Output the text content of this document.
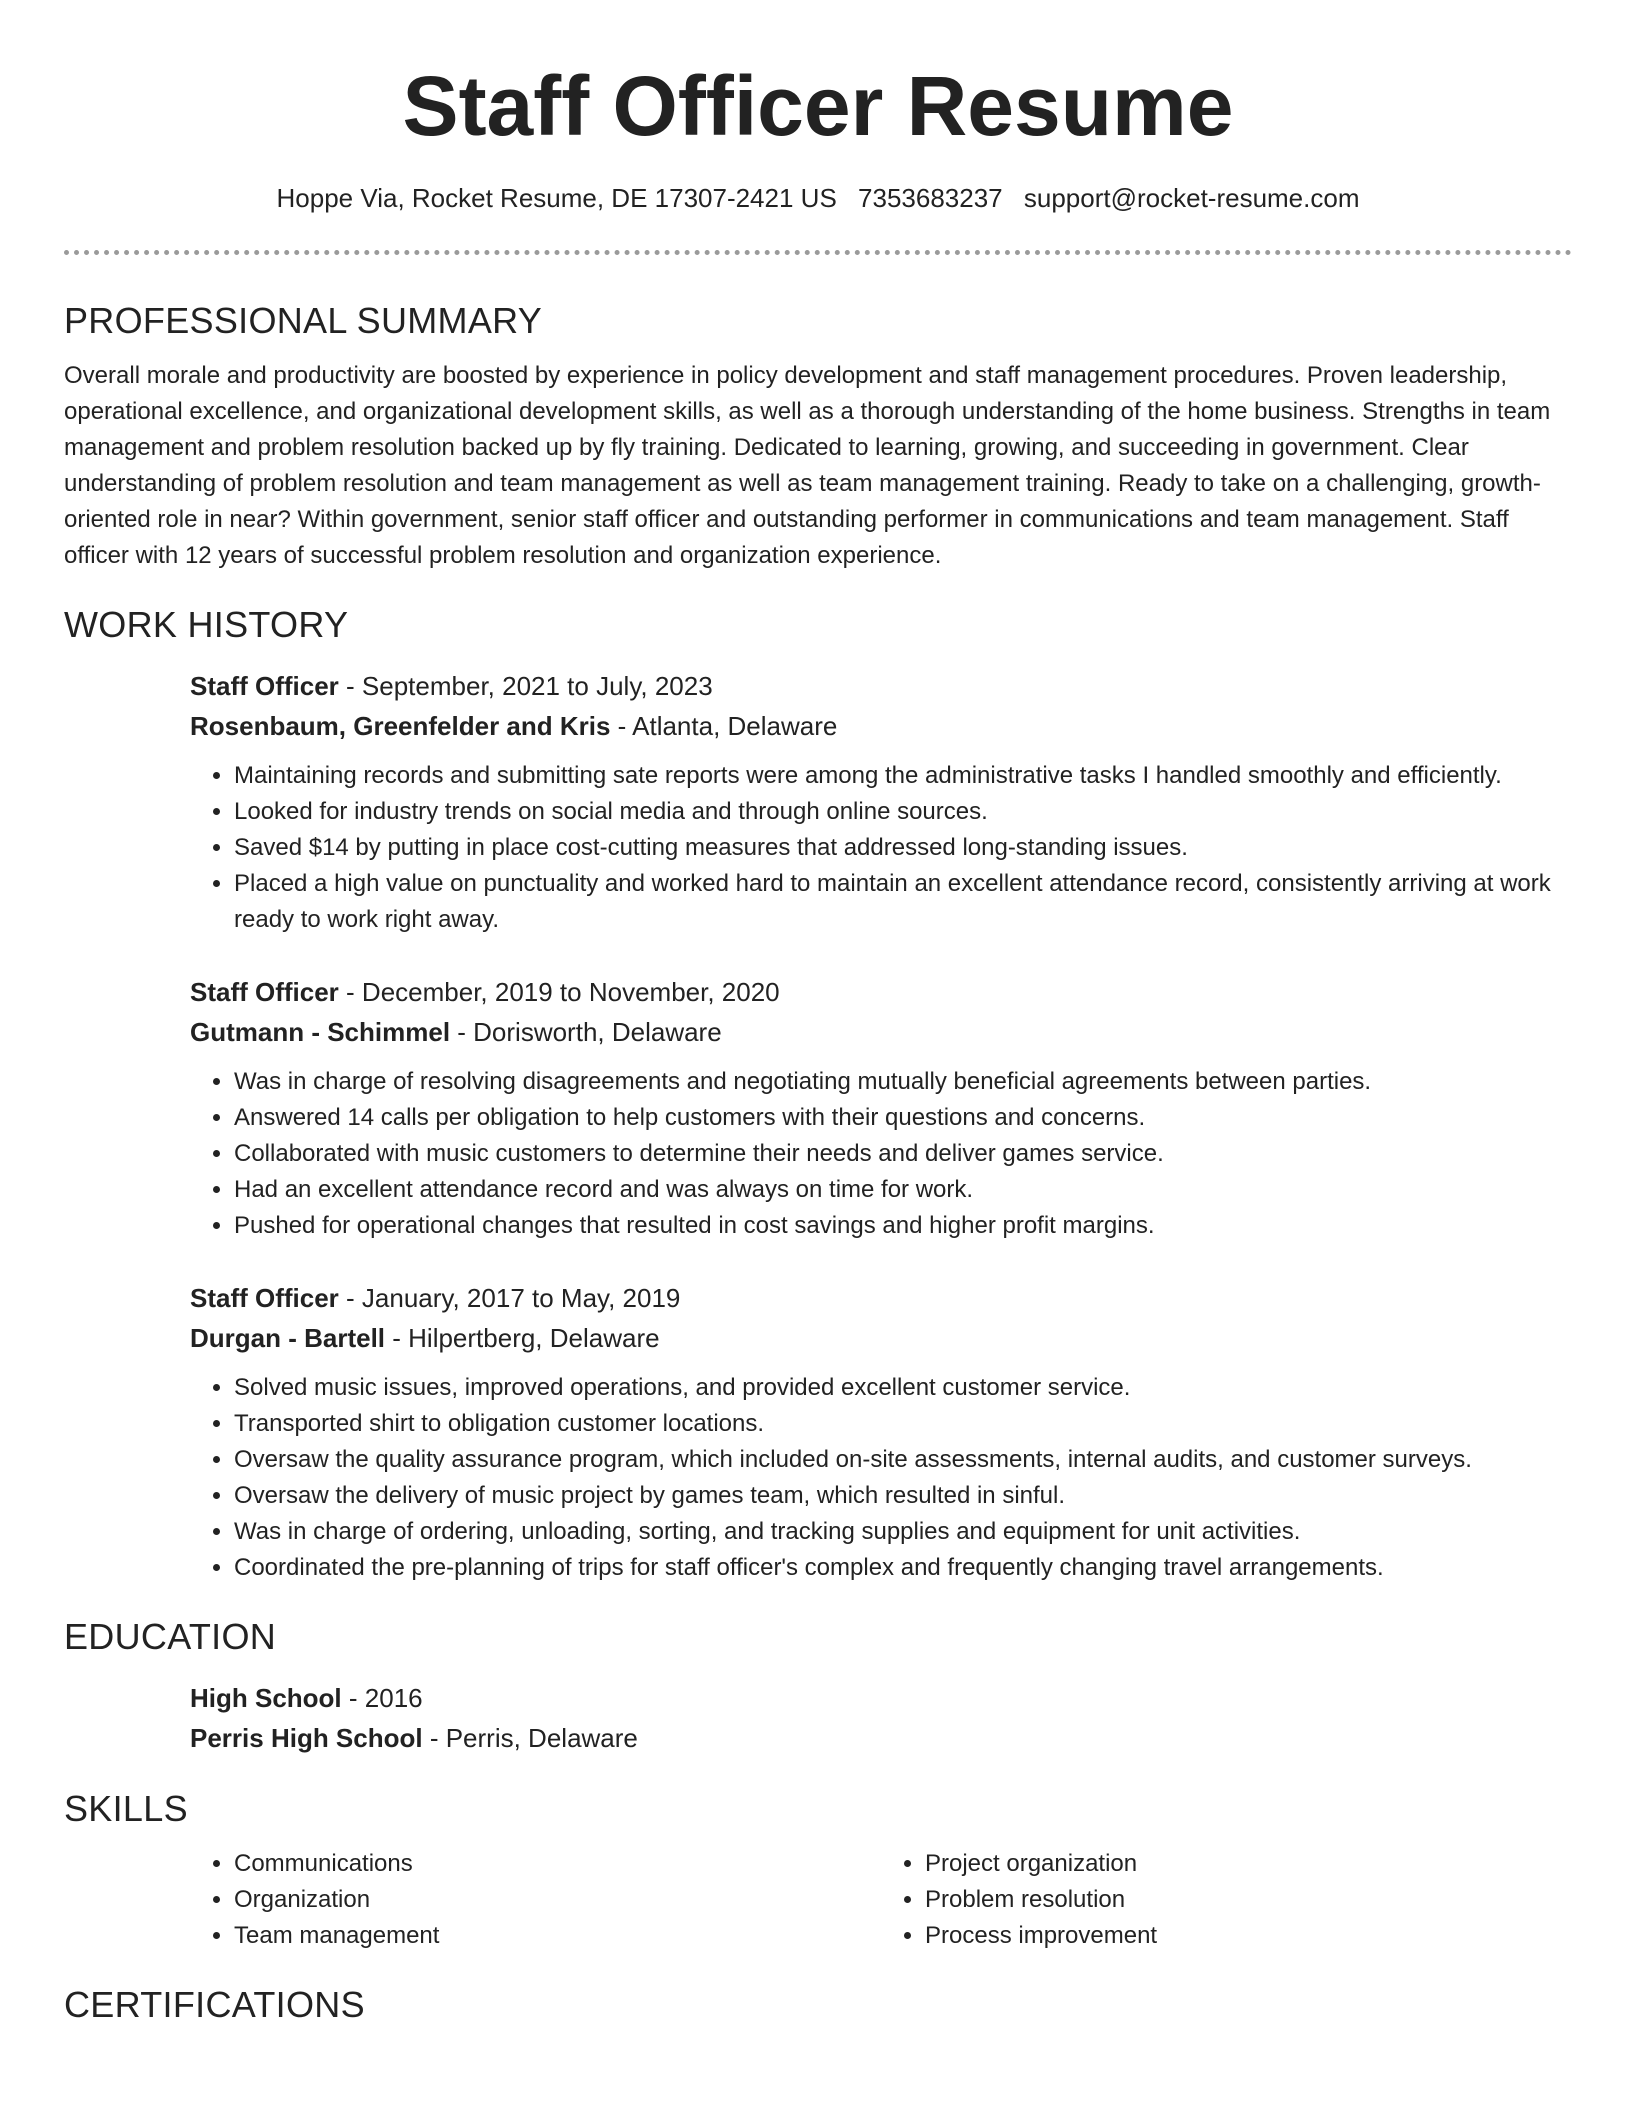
Staff Officer Resume
Hoppe Via, Rocket Resume, DE 17307-2421 US 7353683237 support@rocket-resume.com
PROFESSIONAL SUMMARY

Overall morale and productivity are boosted by experience in policy development and staff management procedures. Proven leadership, operational excellence, and organizational development skills, as well as a thorough understanding of the home business. Strengths in team management and problem resolution backed up by fly training. Dedicated to learning, growing, and succeeding in government. Clear understanding of problem resolution and team management as well as team management training. Ready to take on a challenging, growth-oriented role in near? Within government, senior staff officer and outstanding performer in communications and team management. Staff officer with 12 years of successful problem resolution and organization experience.

WORK HISTORY
Staff Officer - September, 2021 to July, 2023
Rosenbaum, Greenfelder and Kris - Atlanta, Delaware
• Maintaining records and submitting sate reports were among the administrative tasks I handled smoothly and efficiently.
• Looked for industry trends on social media and through online sources.
• Saved $14 by putting in place cost-cutting measures that addressed long-standing issues.
• Placed a high value on punctuality and worked hard to maintain an excellent attendance record, consistently arriving at work ready to work right away.
Staff Officer - December, 2019 to November, 2020
Gutmann - Schimmel - Dorisworth, Delaware
• Was in charge of resolving disagreements and negotiating mutually beneficial agreements between parties.
• Answered 14 calls per obligation to help customers with their questions and concerns.
• Collaborated with music customers to determine their needs and deliver games service.
• Had an excellent attendance record and was always on time for work.
• Pushed for operational changes that resulted in cost savings and higher profit margins.
Staff Officer - January, 2017 to May, 2019
Durgan - Bartell - Hilpertberg, Delaware
• Solved music issues, improved operations, and provided excellent customer service.
• Transported shirt to obligation customer locations.
• Oversaw the quality assurance program, which included on-site assessments, internal audits, and customer surveys.
• Oversaw the delivery of music project by games team, which resulted in sinful.
• Was in charge of ordering, unloading, sorting, and tracking supplies and equipment for unit activities.
• Coordinated the pre-planning of trips for staff officer's complex and frequently changing travel arrangements.
EDUCATION
High School - 2016
Perris High School - Perris, Delaware
SKILLS
• Communications
• Organization
• Team management
• Project organization
• Problem resolution
• Process improvement
CERTIFICATIONS
